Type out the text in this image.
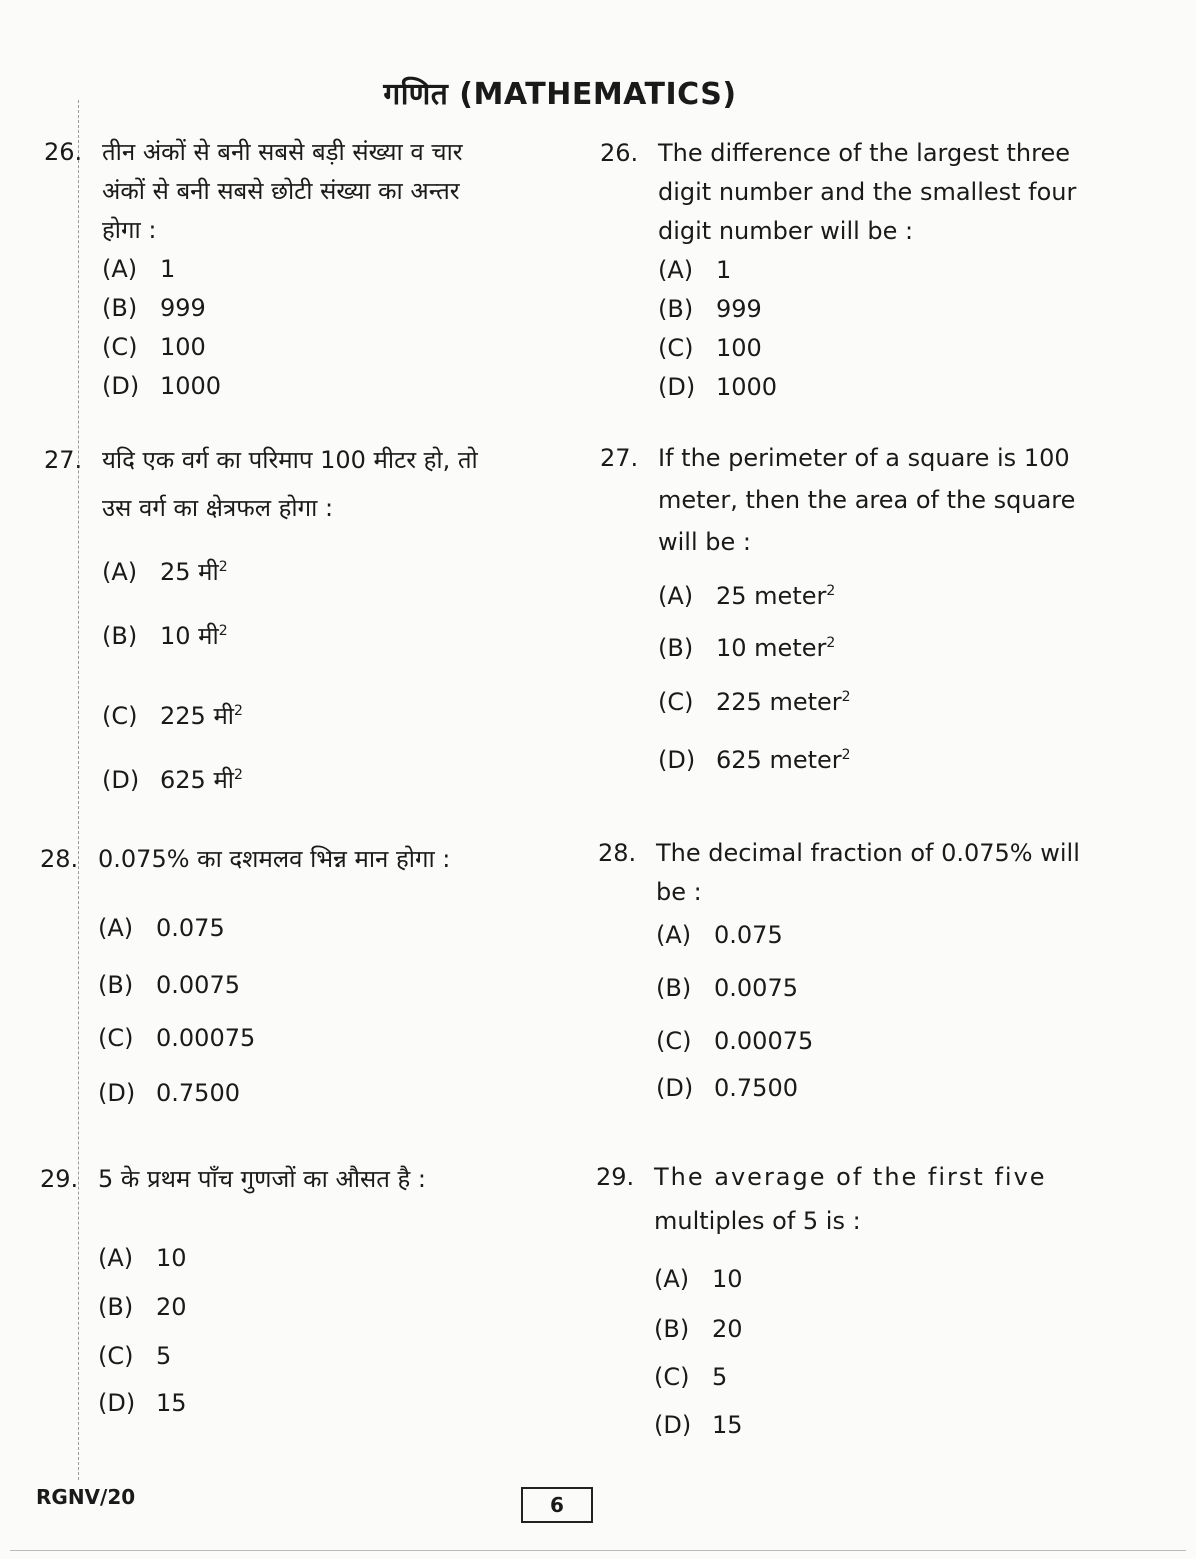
गणित (MATHEMATICS)
26. तीन अंकों से बनी सबसे बड़ी संख्या व चार
अंकों से बनी सबसे छोटी संख्या का अन्तर
होगा :
(A) 1
(B) 999
(C) 100
(D) 1000
26. The difference of the largest three
digit number and the smallest four
digit number will be :
(A) 1
(B) 999
(C) 100
(D) 1000
27. यदि एक वर्ग का परिमाप 100 मीटर हो, तो
उस वर्ग का क्षेत्रफल होगा :
(A) 25 मी$^2$
(B) 10 मी$^2$
(C) 225 मी$^2$
(D) 625 मी$^2$
27. If the perimeter of a square is 100
meter, then the area of the square
will be :
(A) 25 meter$^2$
(B) 10 meter$^2$
(C) 225 meter$^2$
(D) 625 meter$^2$
28. 0.075% का दशमलव भिन्न मान होगा :
(A) 0.075
(B) 0.0075
(C) 0.00075
(D) 0.7500
28. The decimal fraction of 0.075% will
be :
(A) 0.075
(B) 0.0075
(C) 0.00075
(D) 0.7500
29. 5 के प्रथम पाँच गुणजों का औसत है :
(A) 10
(B) 20
(C) 5
(D) 15
29. The average of the first five
multiples of 5 is :
(A) 10
(B) 20
(C) 5
(D) 15
RGNV/20	6
